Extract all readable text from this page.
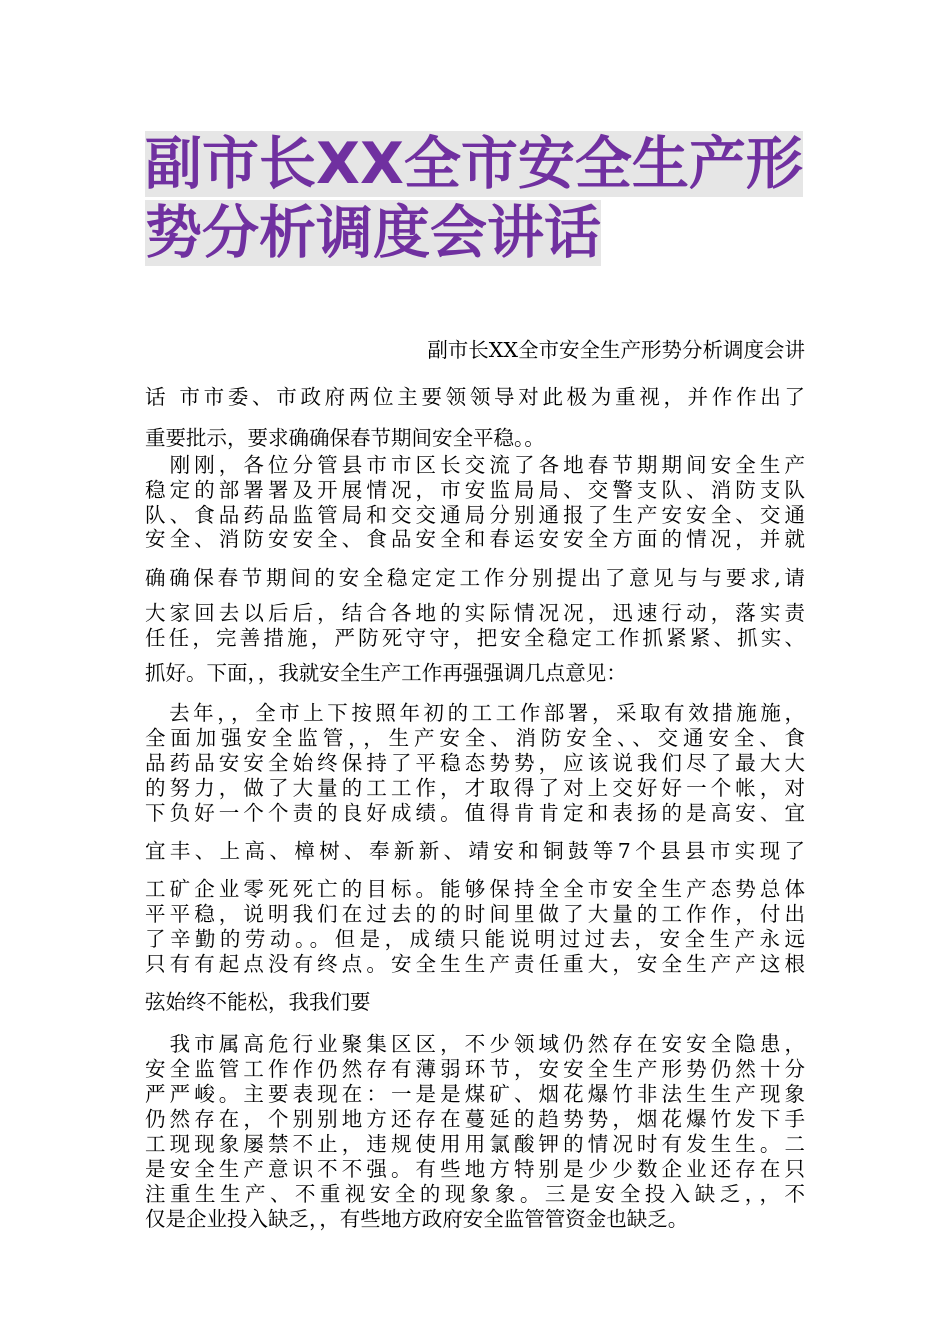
副市长XX全市安全生产形
势分析调度会讲话
副市长XX全市安全生产形势分析调度会讲
话 市市委、市政府两位主要领领导对此极为重视，并作作出了
重要批示，要求确确保春节期间安全平稳。。
　刚刚，各位分管县市市区长交流了各地春节期期间安全生产
稳定的部署署及开展情况，市安监局局、交警支队、消防支队
队、食品药品监管局和交交通局分别通报了生产安安全、交通
安全、消防安安全、食品安全和春运安安全方面的情况，并就
确确保春节期间的安全稳定定工作分别提出了意见与与要求,请
大家回去以后后，结合各地的实际情况况，迅速行动，落实责
任任，完善措施，严防死守守，把安全稳定工作抓紧紧、抓实、
抓好。下面，，我就安全生产工作再强强调几点意见：
　去年，，全市上下按照年初的工工作部署，采取有效措施施，
全面加强安全监管，，生产安全、消防安全、、交通安全、食
品药品安安全始终保持了平稳态势势，应该说我们尽了最大大
的努力，做了大量的工工作，才取得了对上交好好一个帐，对
下负好一个个责的良好成绩。值得肯肯定和表扬的是高安、宜
宜丰、上高、樟树、奉新新、靖安和铜鼓等7个县县市实现了
工矿企业零死死亡的目标。能够保持全全市安全生产态势总体
平平稳，说明我们在过去的的时间里做了大量的工作作，付出
了辛勤的劳动。。但是，成绩只能说明过过去，安全生产永远
只有有起点没有终点。安全生生产责任重大，安全生产产这根
弦始终不能松，我我们要
　我市属高危行业聚集区区，不少领域仍然存在安安全隐患，
安全监管工作作仍然存有薄弱环节，安安全生产形势仍然十分
严严峻。主要表现在：一是是煤矿、烟花爆竹非法生生产现象
仍然存在，个别别地方还存在蔓延的趋势势，烟花爆竹发下手
工现现象屡禁不止，违规使用用氯酸钾的情况时有发生生。二
是安全生产意识不不强。有些地方特别是少少数企业还存在只
注重生生产、不重视安全的现象象。三是安全投入缺乏，，不
仅是企业投入缺乏，，有些地方政府安全监管管资金也缺乏。
